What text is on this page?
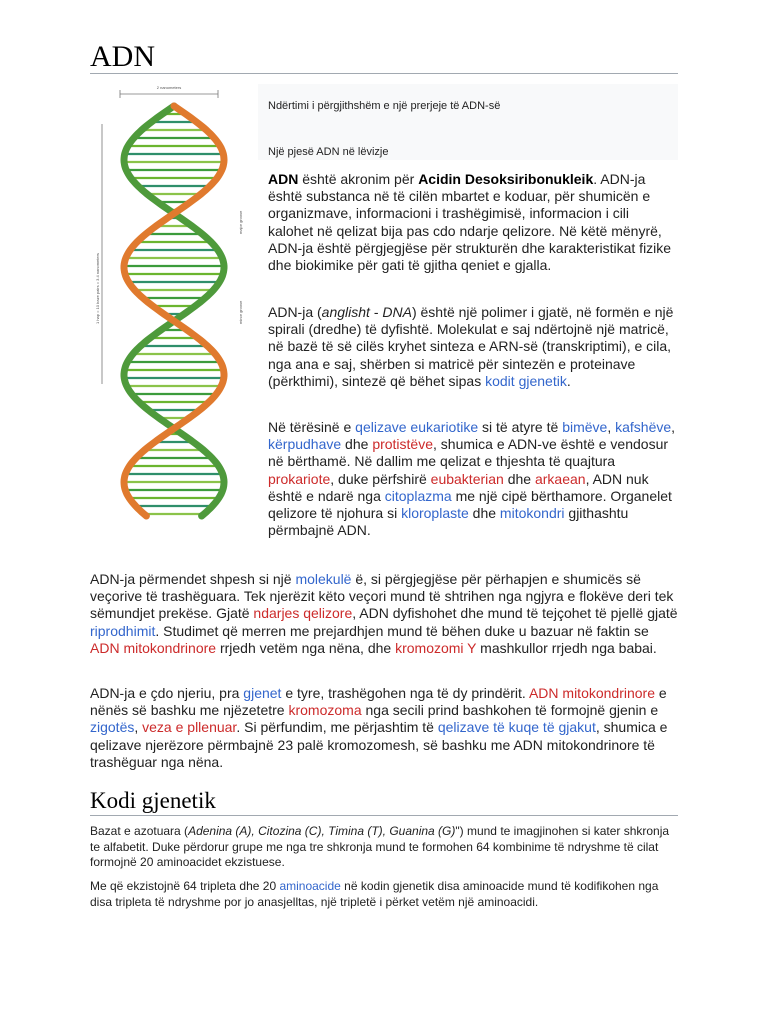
ADN
2 nanometers
1 hap = 10 baze pairs = 3.4 nanometers	minor groove
major groove
Ndërtimi i përgjithshëm e një prerjeje të ADN-së
Një pjesë ADN në lëvizje
ADN është akronim për Acidin Desoksiribonukleik. ADN-ja është substanca në të cilën mbartet e koduar, për shumicën e organizmave, informacioni i trashëgimisë, informacion i cili kalohet në qelizat bija pas cdo ndarje qelizore. Në këtë mënyrë, ADN-ja është përgjegjëse për strukturën dhe karakteristikat fizike dhe biokimike për gati të gjitha qeniet e gjalla.
ADN-ja (anglisht - DNA) është një polimer i gjatë, në formën e një spirali (dredhe) të dyfishtë. Molekulat e saj ndërtojnë një matricë, në bazë të së cilës kryhet sinteza e ARN-së (transkriptimi), e cila, nga ana e saj, shërben si matricë për sintezën e proteinave (përkthimi), sintezë që bëhet sipas kodit gjenetik.
Në tërësinë e qelizave eukariotike si të atyre të bimëve, kafshëve, kërpudhave dhe protistëve, shumica e ADN-ve është e vendosur në bërthamë. Në dallim me qelizat e thjeshta të quajtura prokariote, duke përfshirë eubakterian dhe arkaean, ADN nuk është e ndarë nga citoplazma me një cipë bërthamore. Organelet qelizore të njohura si kloroplaste dhe mitokondri gjithashtu përmbajnë ADN.
ADN-ja përmendet shpesh si një molekulë ë, si përgjegjëse për përhapjen e shumicës së veçorive të trashëguara. Tek njerëzit këto veçori mund të shtrihen nga ngjyra e flokëve deri tek sëmundjet prekëse. Gjatë ndarjes qelizore, ADN dyfishohet dhe mund të tejçohet të pjellë gjatë riprodhimit. Studimet që merren me prejardhjen mund të bëhen duke u bazuar në faktin se ADN mitokondrinore rrjedh vetëm nga nëna, dhe kromozomi Y mashkullor rrjedh nga babai.
ADN-ja e çdo njeriu, pra gjenet e tyre, trashëgohen nga të dy prindërit. ADN mitokondrinore e nënës së bashku me njëzetetre kromozoma nga secili prind bashkohen të formojnë gjenin e zigotës, veza e pllenuar. Si përfundim, me përjashtim të qelizave të kuqe të gjakut, shumica e qelizave njerëzore përmbajnë 23 palë kromozomesh, së bashku me ADN mitokondrinore të trashëguar nga nëna.
Kodi gjenetik
Bazat e azotuara (Adenina (A), Citozina (C), Timina (T), Guanina (G)") mund te imagjinohen si kater shkronja te alfabetit. Duke përdorur grupe me nga tre shkronja mund te formohen 64 kombinime të ndryshme të cilat formojnë 20 aminoacidet ekzistuese.
Me që ekzistojnë 64 tripleta dhe 20 aminoacide në kodin gjenetik disa aminoacide mund të kodifikohen nga disa tripleta të ndryshme por jo anasjelltas, një tripletë i përket vetëm një aminoacidi.
